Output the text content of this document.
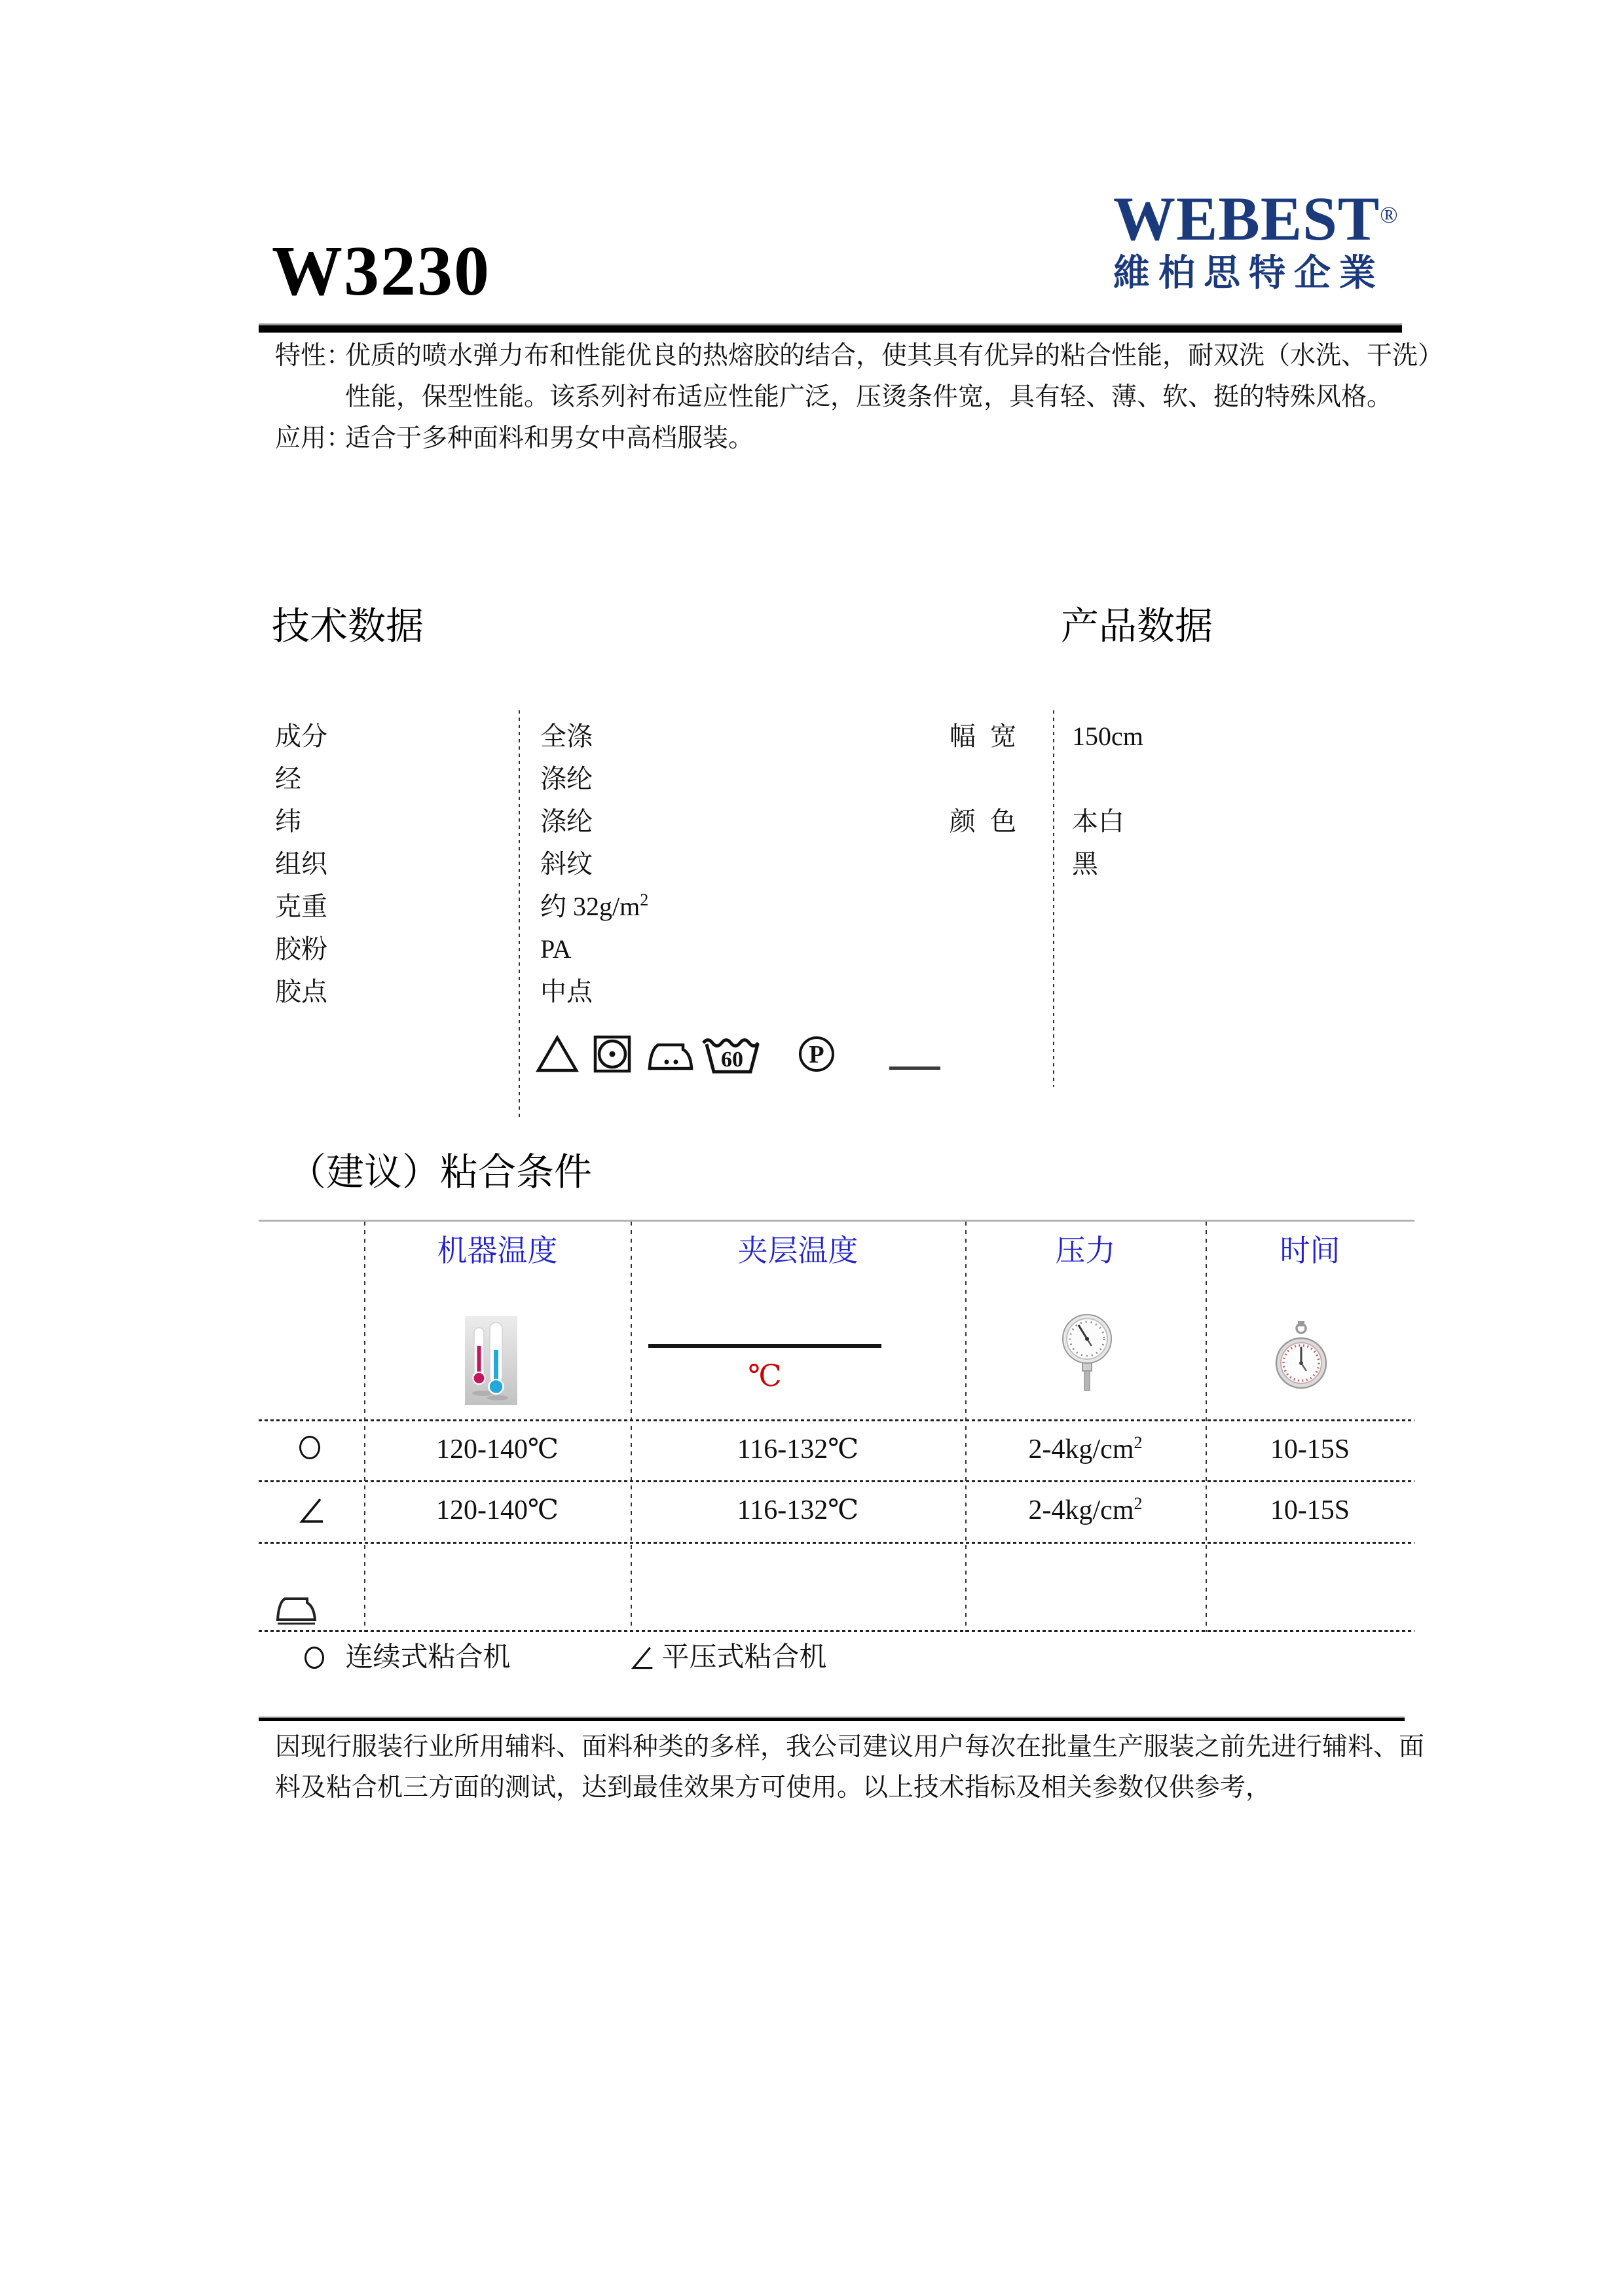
W3230
WEBEST®
維柏思特企業
特性：
优质的喷水弹力布和性能优良的热熔胶的结合，使其具有优异的粘合性能，耐双洗（水洗、干洗）
性能，保型性能。该系列衬布适应性能广泛，压烫条件宽，具有轻、薄、软、挺的特殊风格。
应用：
适合于多种面料和男女中高档服装。
技术数据	产品数据
成分	全涤
经	涤纶
纬	涤纶
组织	斜纹
克重	约 $32g/m^2$
胶粉	PA
胶点	中点
幅 宽 150cm
颜 色 本白
黑
60	P
（建议）粘合条件
机器温度	夹层温度	压力	时间
℃
120-140℃	116-132℃	$2-4kg/cm^2$	10-15S
120-140℃	116-132℃	$2-4kg/cm^2$	10-15S
连续式粘合机	平压式粘合机
因现行服装行业所用辅料、面料种类的多样，我公司建议用户每次在批量生产服装之前先进行辅料、面
料及粘合机三方面的测试，达到最佳效果方可使用。以上技术指标及相关参数仅供参考，
